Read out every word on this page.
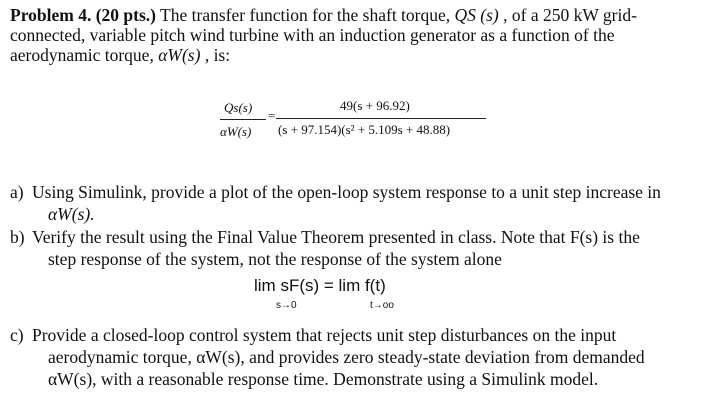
Problem 4. (20 pts.) The transfer function for the shaft torque, QS (s) , of a 250 kW grid-
connected, variable pitch wind turbine with an induction generator as a function of the
aerodynamic torque, αW(s) , is:
Qs(s)
αW(s)
=
49(s + 96.92)
(s + 97.154)(s² + 5.109s + 48.88)
a) Using Simulink, provide a plot of the open-loop system response to a unit step increase in
αW(s).
b) Verify the result using the Final Value Theorem presented in class. Note that F(s) is the
step response of the system, not the response of the system alone
lim sF(s) = lim f(t)
s→0	t→oo
c) Provide a closed-loop control system that rejects unit step disturbances on the input
aerodynamic torque, αW(s), and provides zero steady-state deviation from demanded
αW(s), with a reasonable response time. Demonstrate using a Simulink model.
